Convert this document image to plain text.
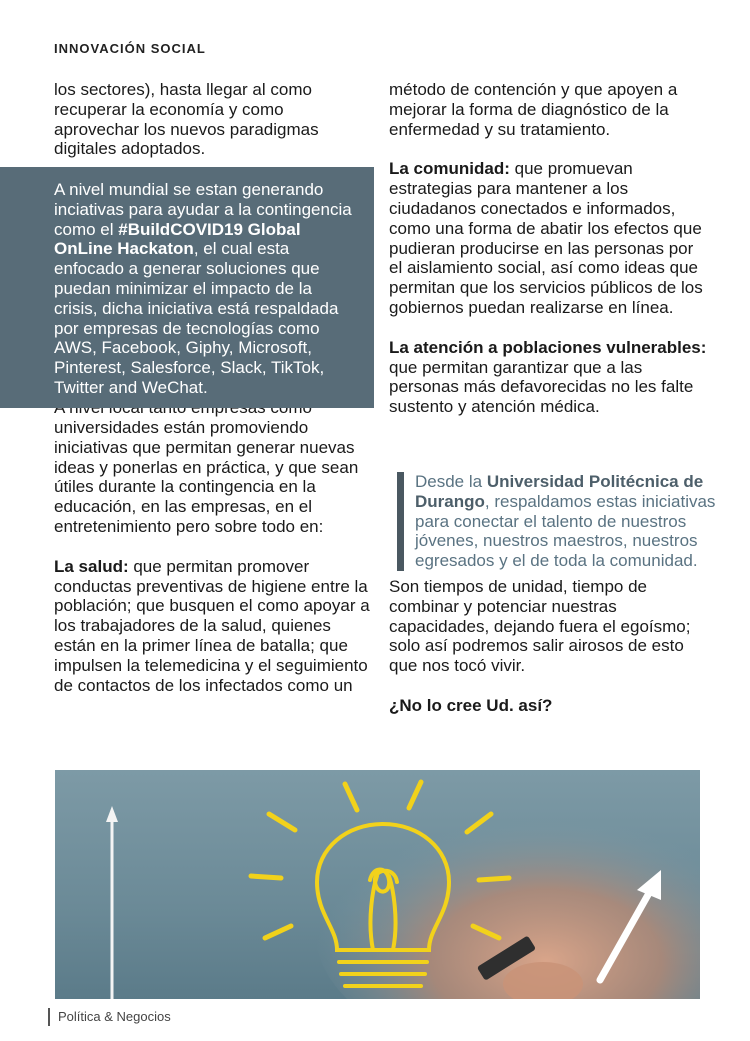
INNOVACIÓN SOCIAL

los sectores), hasta llegar al como recuperar la economía y como aprovechar los nuevos paradigmas digitales adoptados.

universidades están promoviendo iniciativas que permitan generar nuevas ideas y ponerlas en práctica, y que sean útiles durante la contingencia en la educación, en las empresas, en el entretenimiento pero sobre todo en:

La salud: que permitan promover conductas preventivas de higiene entre la población; que busquen el como apoyar a los trabajadores de la salud, quienes están en la primer línea de batalla; que impulsen la telemedicina y el seguimiento de contactos de los infectados como un

A nivel mundial se estan generando inciativas para ayudar a la contingencia como el #BuildCOVID19 Global OnLine Hackaton, el cual esta enfocado a generar soluciones que puedan minimizar el impacto de la crisis, dicha iniciativa está respaldada por empresas de tecnologías como AWS, Facebook, Giphy, Microsoft, Pinterest, Salesforce, Slack, TikTok, Twitter and WeChat.

método de contención y que apoyen a mejorar la forma de diagnóstico de la enfermedad y su tratamiento.

La comunidad: que promuevan estrategias para mantener a los ciudadanos conectados e informados, como una forma de abatir los efectos que pudieran producirse en las personas por el aislamiento social, así como ideas que permitan que los servicios públicos de los gobiernos puedan realizarse en línea.

La atención a poblaciones vulnerables: que permitan garantizar que a las personas más defavorecidas no les falte sustento y atención médica.

Son tiempos de unidad, tiempo de combinar y potenciar nuestras capacidades, dejando fuera el egoísmo; solo así podremos salir airosos de esto que nos tocó vivir.

¿No lo cree Ud. así?

Desde la Universidad Politécnica de Durango, respaldamos estas iniciativas para conectar el talento de nuestros jóvenes, nuestros maestros, nuestros egresados y el de toda la comunidad.

Política & Negocios
